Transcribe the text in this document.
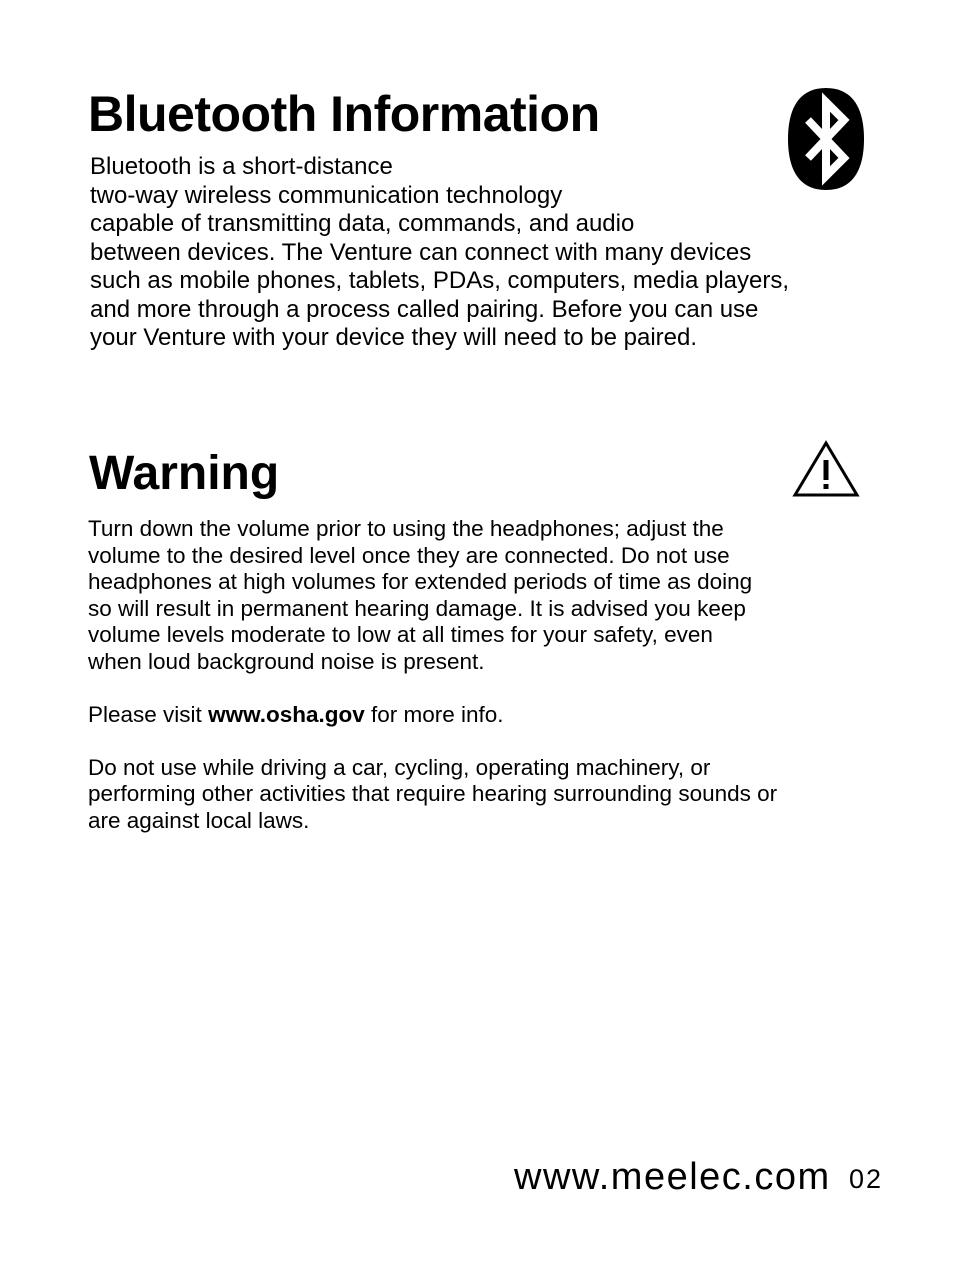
Bluetooth Information
Bluetooth is a short-distance
two-way wireless communication technology
capable of transmitting data, commands, and audio
between devices. The Venture can connect with many devices
such as mobile phones, tablets, PDAs, computers, media players,
and more through a process called pairing. Before you can use
your Venture with your device they will need to be paired.
Warning
Turn down the volume prior to using the headphones; adjust the
volume to the desired level once they are connected. Do not use
headphones at high volumes for extended periods of time as doing
so will result in permanent hearing damage. It is advised you keep
volume levels moderate to low at all times for your safety, even
when loud background noise is present.
Please visit www.osha.gov for more info.
Do not use while driving a car, cycling, operating machinery, or
performing other activities that require hearing surrounding sounds or
are against local laws.
www.meelec.com 02
